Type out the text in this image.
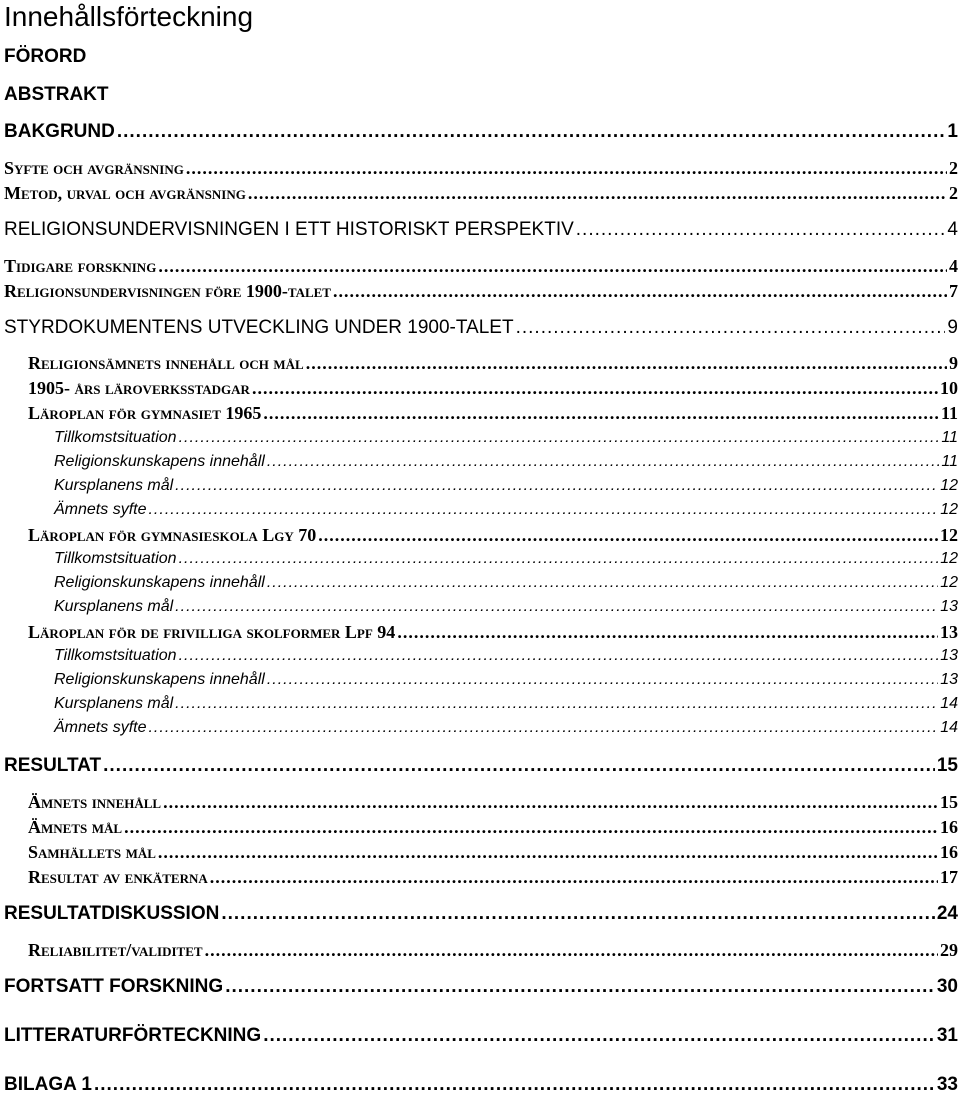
Innehållsförteckning
FÖRORD
ABSTRAKT
BAKGRUND .....	1
Syfte och avgränsning .....	2
Metod, urval och avgränsning .....	2
RELIGIONSUNDERVISNINGEN I ETT HISTORISKT PERSPEKTIV .....	4
Tidigare forskning .....	4
Religionsundervisningen före 1900-talet .....	7
STYRDOKUMENTENS UTVECKLING UNDER 1900-TALET .....	9
Religionsämnets innehåll och mål .....	9
1905- års läroverksstadgar .....	10
Läroplan för gymnasiet 1965 .....	11
Tillkomstsituation .....	11
Religionskunskapens innehåll .....	11
Kursplanens mål .....	12
Ämnets syfte .....	12
Läroplan för gymnasieskola Lgy 70 .....	12
Tillkomstsituation .....	12
Religionskunskapens innehåll .....	12
Kursplanens mål .....	13
Läroplan för de frivilliga skolformer Lpf 94 .....	13
Tillkomstsituation .....	13
Religionskunskapens innehåll .....	13
Kursplanens mål .....	14
Ämnets syfte .....	14
RESULTAT .....	15
Ämnets innehåll .....	15
Ämnets mål .....	16
Samhällets mål .....	16
Resultat av enkäterna .....	17
RESULTATDISKUSSION .....	24
Reliabilitet/validitet .....	29
FORTSATT FORSKNING .....	30
LITTERATURFÖRTECKNING .....	31
BILAGA 1 .....	33
